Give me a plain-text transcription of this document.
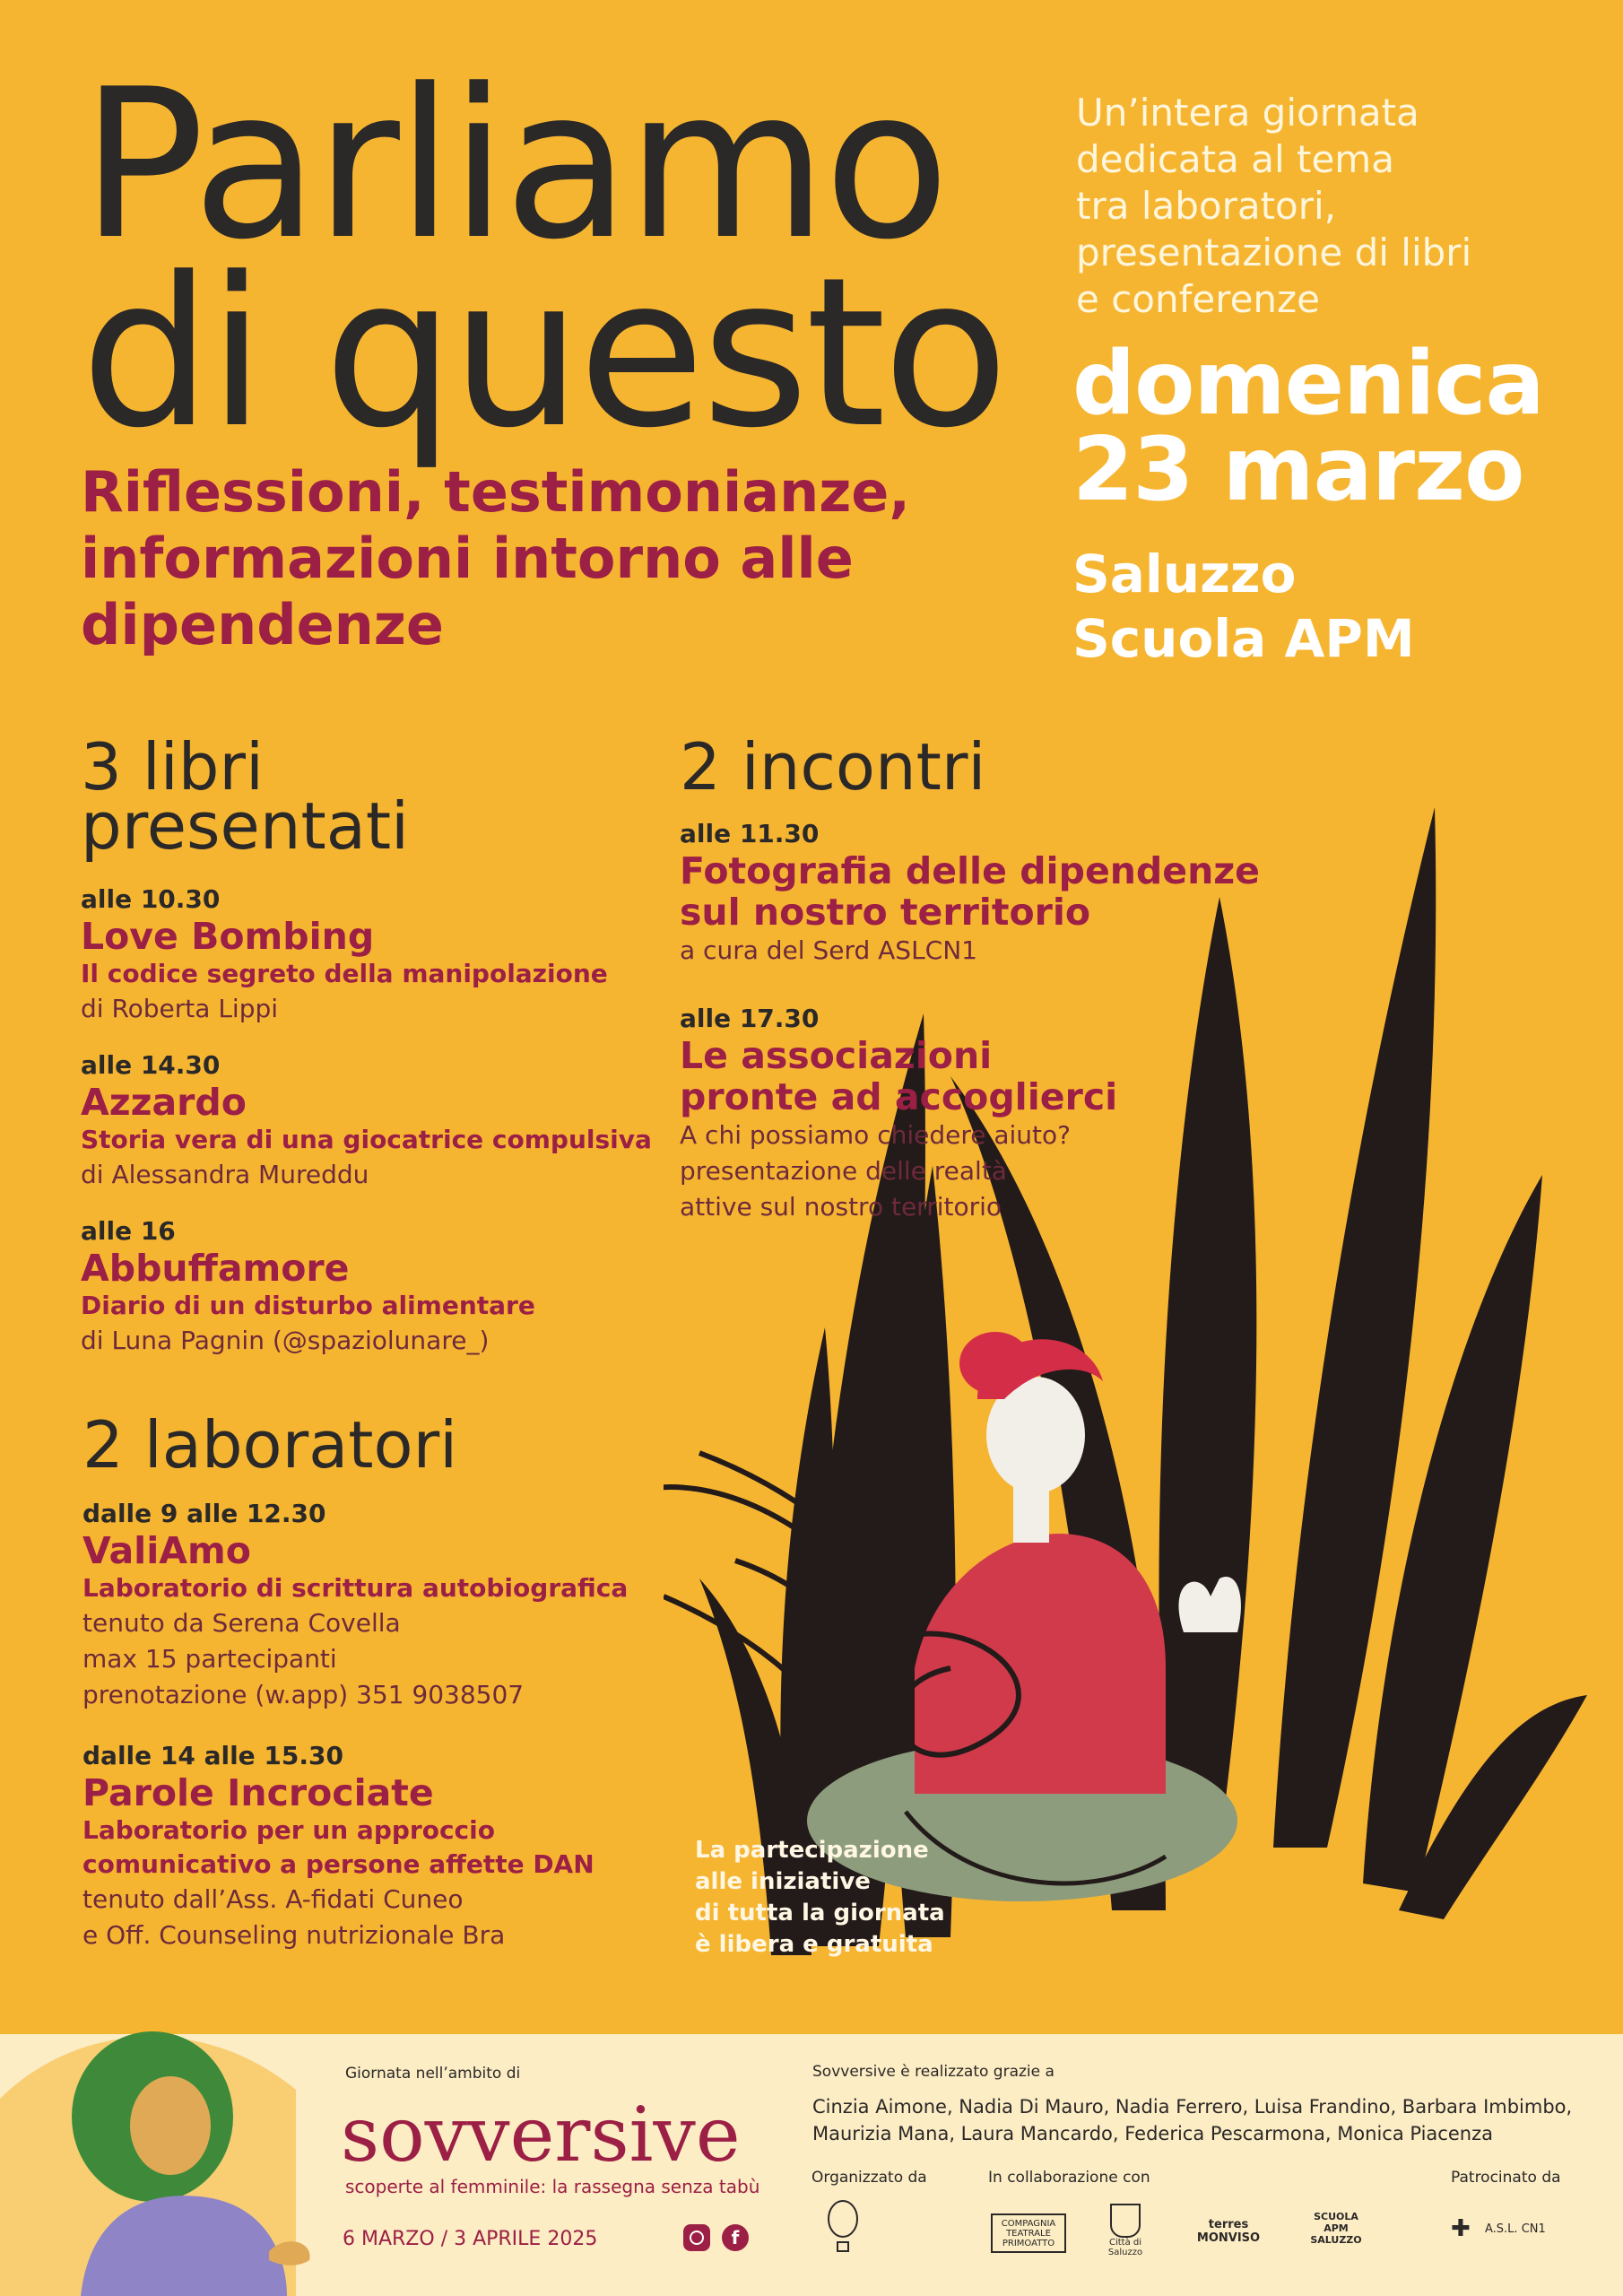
Parliamo
di questo
Riflessioni, testimonianze, informazioni intorno alle dipendenze
Un’intera giornata
dedicata al tema
tra laboratori,
presentazione di libri
e conferenze
domenica
23 marzo
Saluzzo
Scuola APM
3 libri
presentati
alle 10.30
Love Bombing
Il codice segreto della manipolazione
di Roberta Lippi
alle 14.30
Azzardo
Storia vera di una giocatrice compulsiva
di Alessandra Mureddu
alle 16
Abbuffamore
Diario di un disturbo alimentare
di Luna Pagnin (@spaziolunare_)
2 incontri
alle 11.30
Fotografia delle dipendenze
sul nostro territorio
a cura del Serd ASLCN1
alle 17.30
Le associazioni
pronte ad accoglierci
A chi possiamo chiedere aiuto?
presentazione delle realtà
attive sul nostro territorio
2 laboratori
dalle 9 alle 12.30
ValiAmo
Laboratorio di scrittura autobiografica
tenuto da Serena Covella
max 15 partecipanti
prenotazione (w.app) 351 9038507
dalle 14 alle 15.30
Parole Incrociate
Laboratorio per un approccio
comunicativo a persone affette DAN
tenuto dall’Ass. A-fidati Cuneo
e Off. Counseling nutrizionale Bra
La partecipazione
alle iniziative
di tutta la giornata
è libera e gratuita
Giornata nell’ambito di
sovversive
scoperte al femminile: la rassegna senza tabù
6 MARZO / 3 APRILE 2025	f
Sovversive è realizzato grazie a
Cinzia Aimone, Nadia Di Mauro, Nadia Ferrero, Luisa Frandino, Barbara Imbimbo,
Maurizia Mana, Laura Mancardo, Federica Pescarmona, Monica Piacenza
Organizzato da	In collaborazione con	Patrocinato da
COMPAGNIA TEATRALE PRIMOATTO	Città di Saluzzo
terres MONVISO
SCUOLA APM SALUZZO	✚ A.S.L. CN1
